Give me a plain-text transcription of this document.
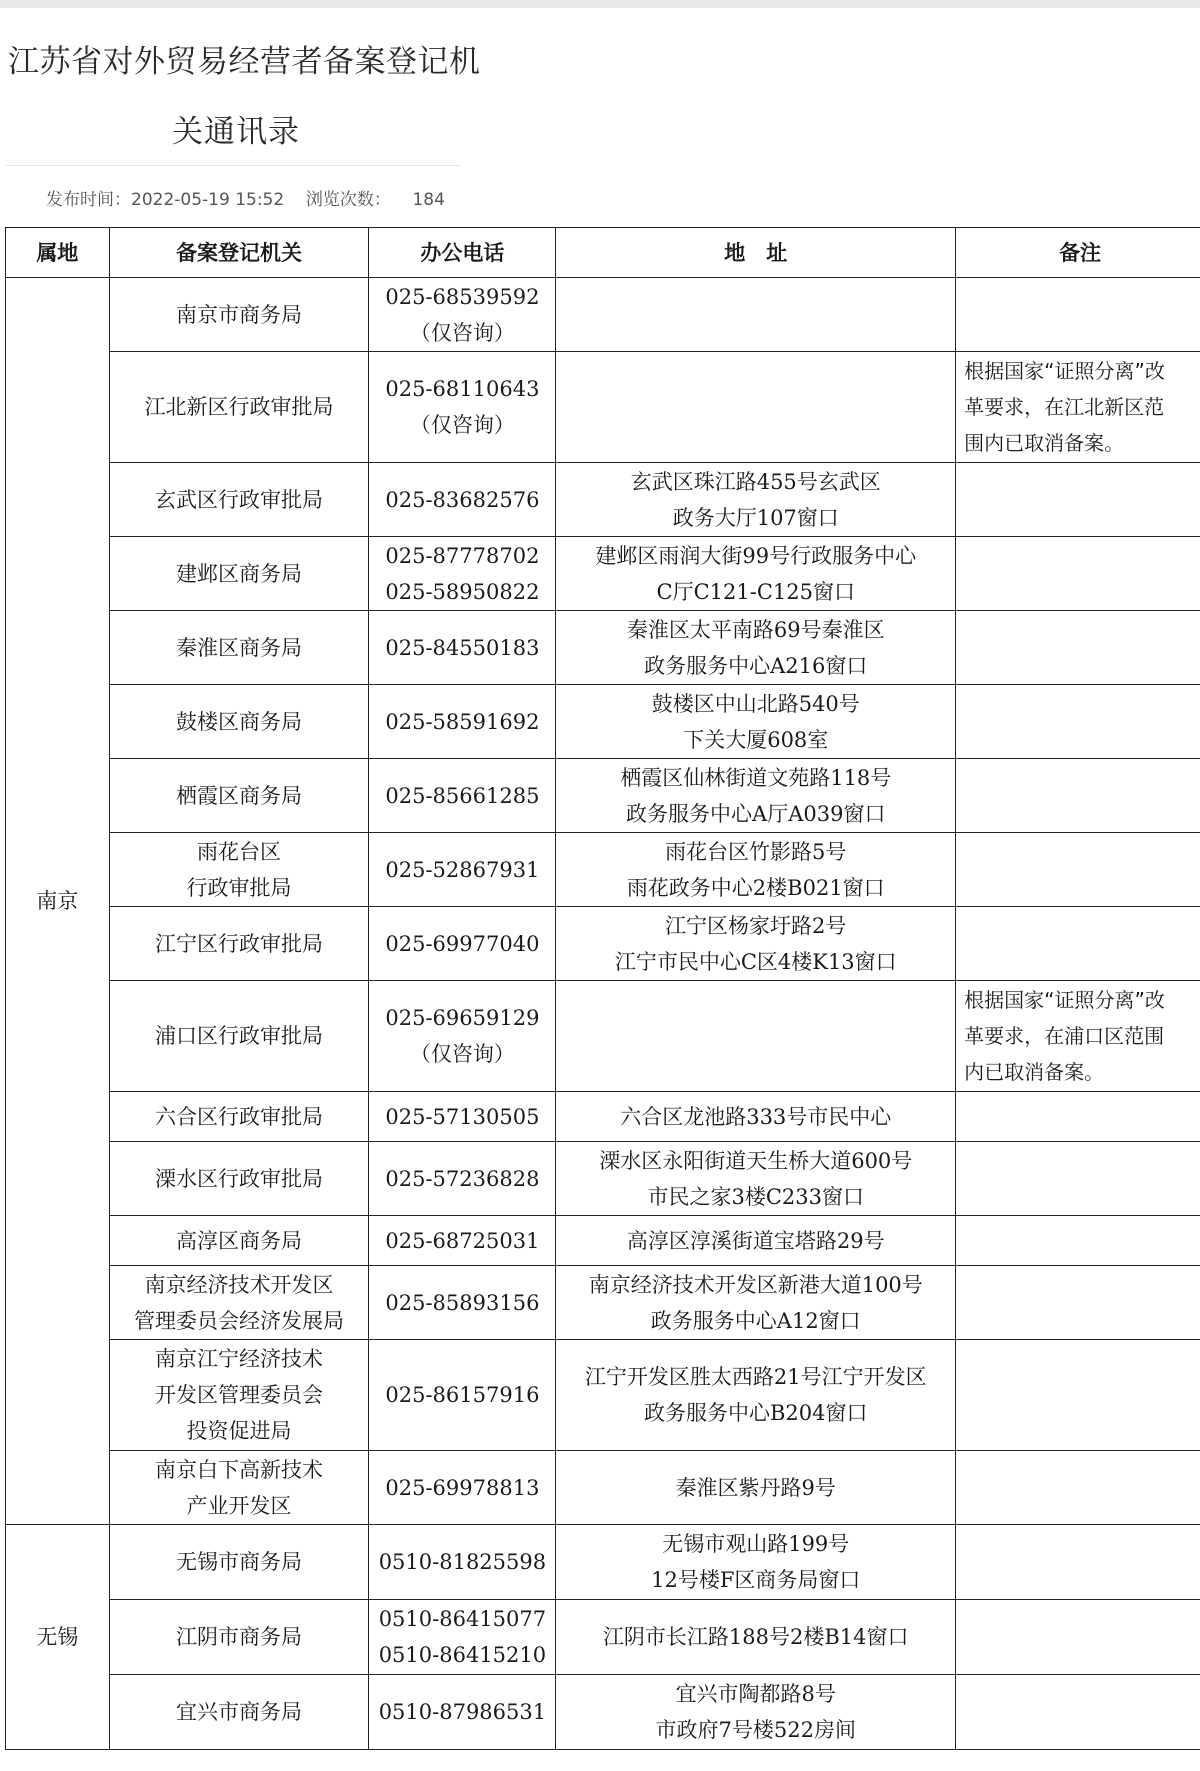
江苏省对外贸易经营者备案登记机
关通讯录
发布时间：2022-05-19 15:52 浏览次数： 184
属地	备案登记机关	办公电话	地　址	备注
南京	南京市商务局	025-68539592
（仅咨询）		

	江北新区行政审批局	025-68110643
（仅咨询）		根据国家“证照分离”改
革要求，在江北新区范
围内已取消备案。

	玄武区行政审批局	025-83682576	玄武区珠江路455号玄武区
政务大厅107窗口	

	建邺区商务局	025-87778702
025-58950822	建邺区雨润大街99号行政服务中心
C厅C121-C125窗口	

	秦淮区商务局	025-84550183	秦淮区太平南路69号秦淮区
政务服务中心A216窗口	

	鼓楼区商务局	025-58591692	鼓楼区中山北路540号
下关大厦608室	

	栖霞区商务局	025-85661285	栖霞区仙林街道文苑路118号
政务服务中心A厅A039窗口	

	雨花台区
行政审批局	025-52867931	雨花台区竹影路5号
雨花政务中心2楼B021窗口	

	江宁区行政审批局	025-69977040	江宁区杨家圩路2号
江宁市民中心C区4楼K13窗口	

	浦口区行政审批局	025-69659129
（仅咨询）		根据国家“证照分离”改
革要求，在浦口区范围
内已取消备案。

	六合区行政审批局	025-57130505	六合区龙池路333号市民中心	

	溧水区行政审批局	025-57236828	溧水区永阳街道天生桥大道600号
市民之家3楼C233窗口	

	高淳区商务局	025-68725031	高淳区淳溪街道宝塔路29号	

	南京经济技术开发区
管理委员会经济发展局	025-85893156	南京经济技术开发区新港大道100号
政务服务中心A12窗口	

	南京江宁经济技术
开发区管理委员会
投资促进局	025-86157916	江宁开发区胜太西路21号江宁开发区
政务服务中心B204窗口	

	南京白下高新技术
产业开发区	025-69978813	秦淮区紫丹路9号	

无锡	无锡市商务局	0510-81825598	无锡市观山路199号
12号楼F区商务局窗口	

	江阴市商务局	0510-86415077
0510-86415210	江阴市长江路188号2楼B14窗口	

	宜兴市商务局	0510-87986531	宜兴市陶都路8号
市政府7号楼522房间	
